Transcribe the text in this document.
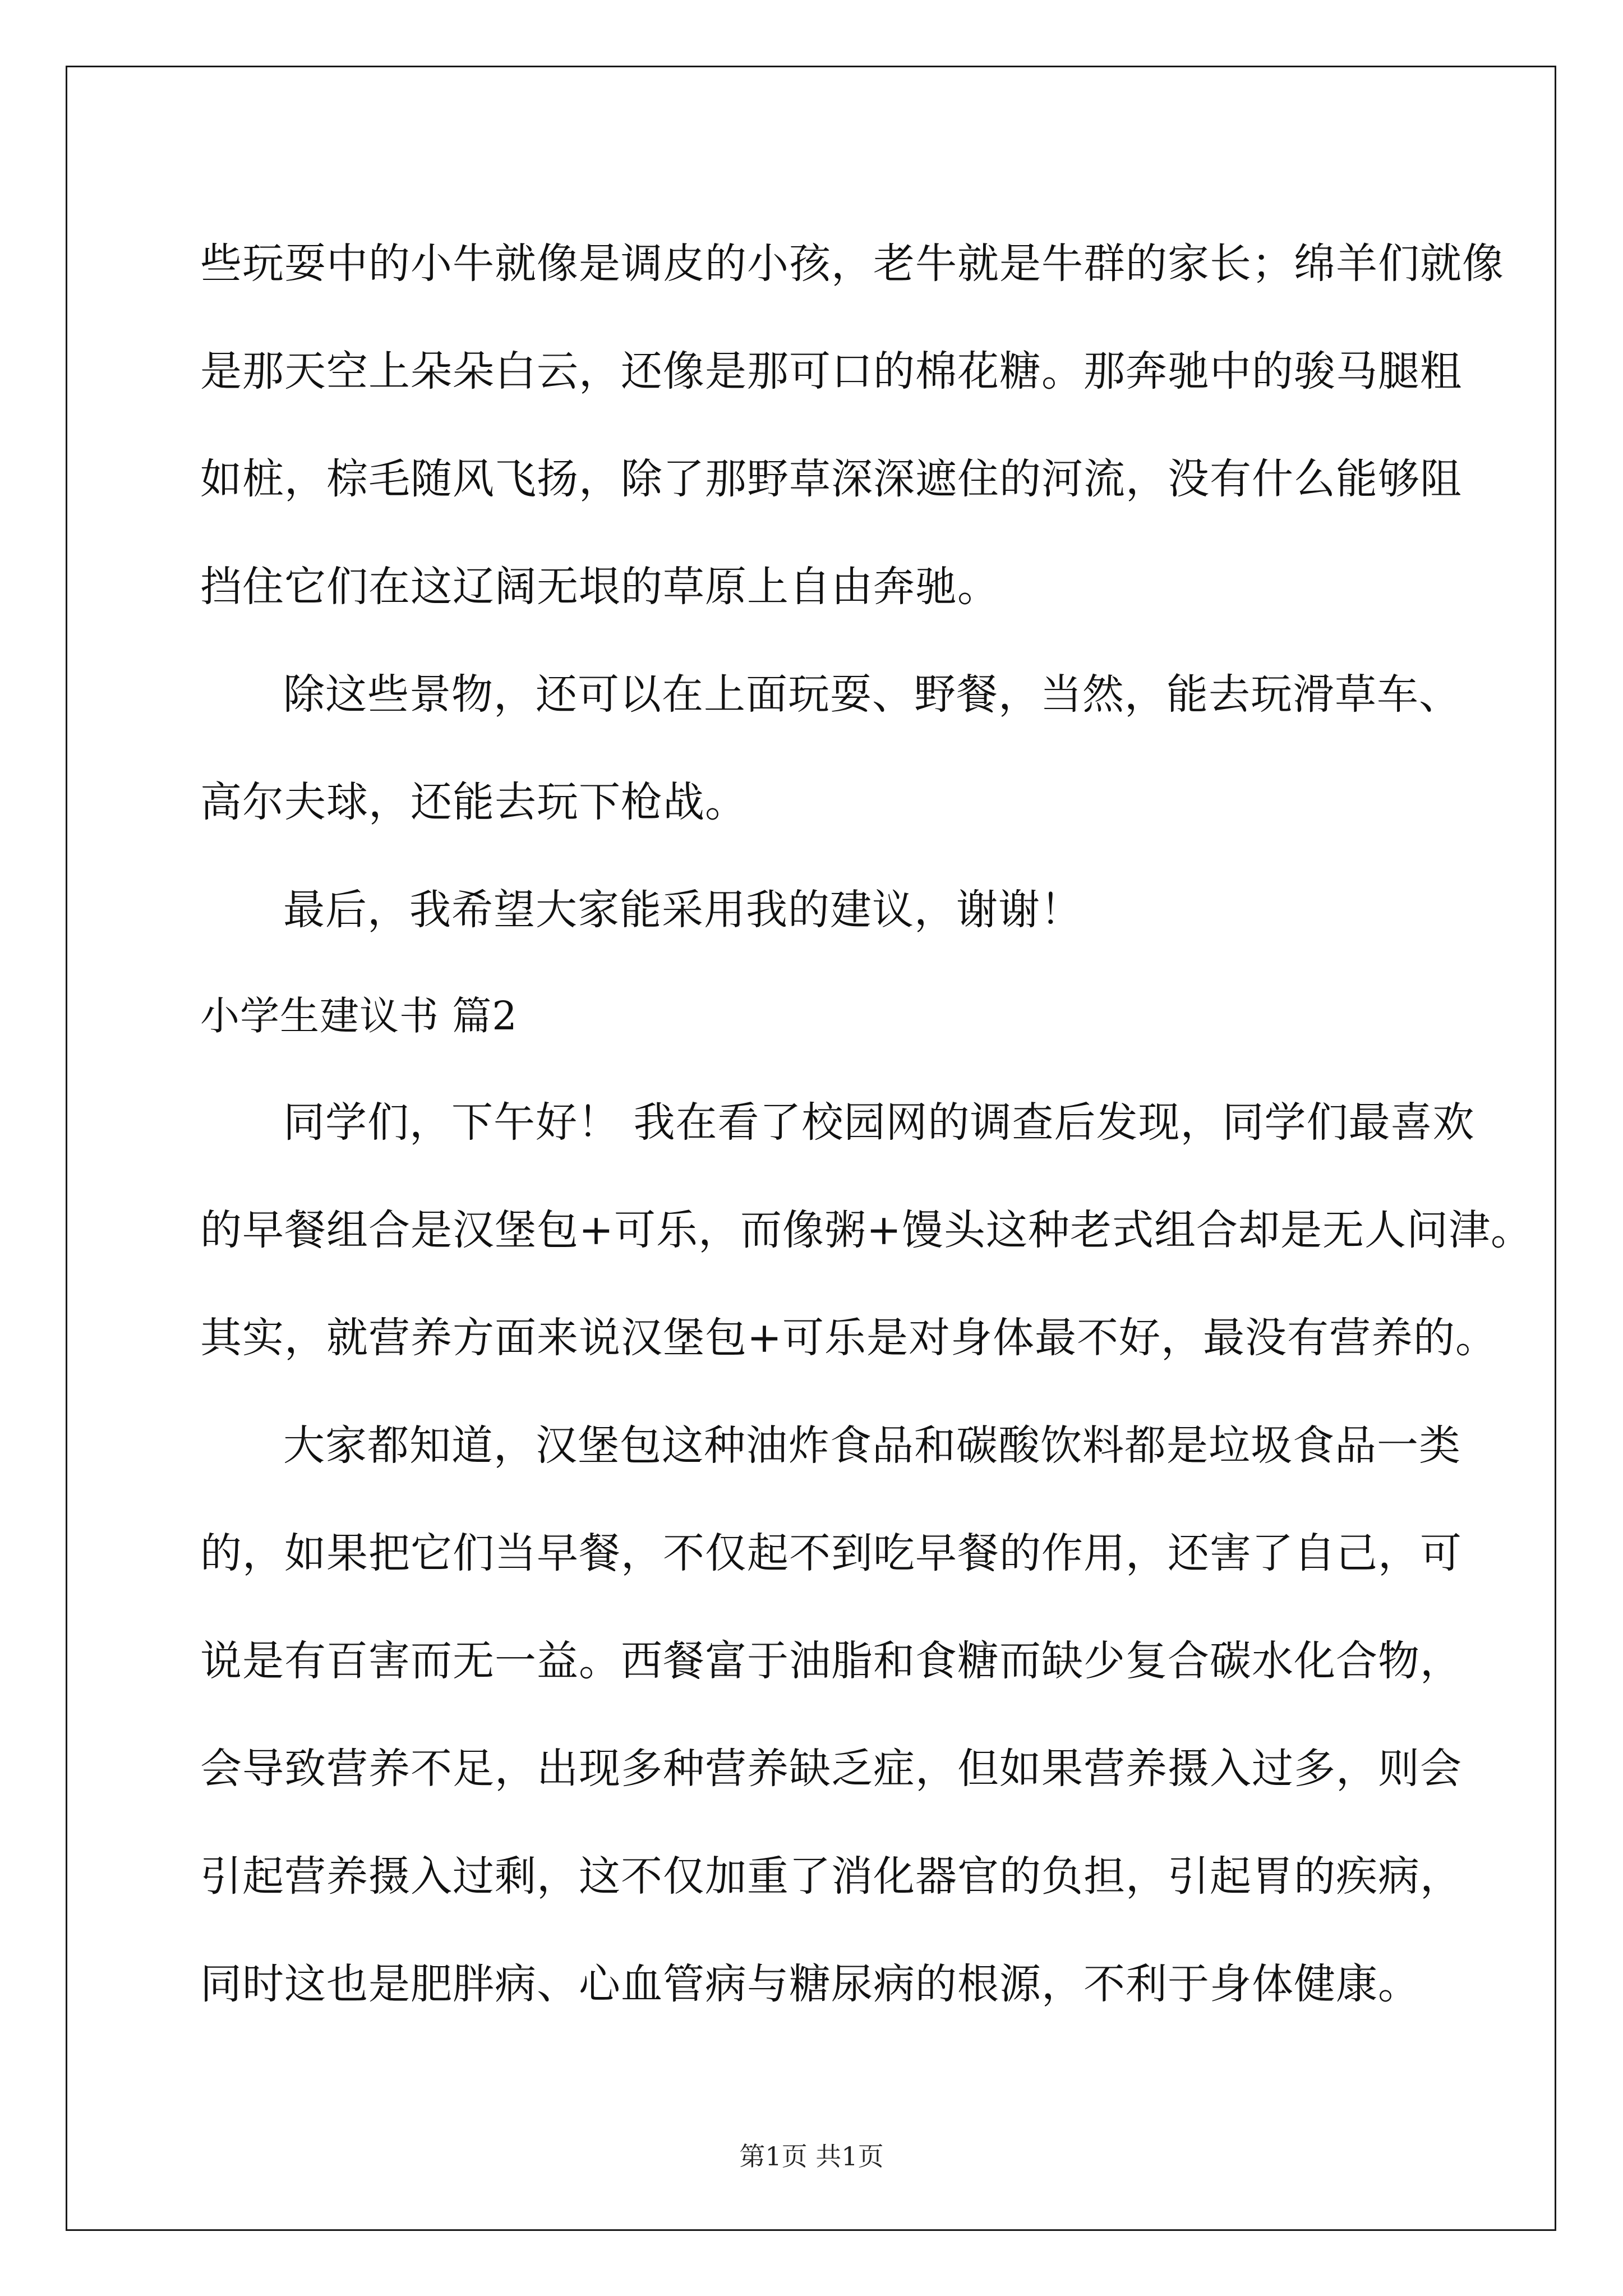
些玩耍中的小牛就像是调皮的小孩，老牛就是牛群的家长；绵羊们就像
是那天空上朵朵白云，还像是那可口的棉花糖。那奔驰中的骏马腿粗
如桩，棕毛随风飞扬，除了那野草深深遮住的河流，没有什么能够阻
挡住它们在这辽阔无垠的草原上自由奔驰。
除这些景物，还可以在上面玩耍、野餐，当然，能去玩滑草车、
高尔夫球，还能去玩下枪战。
最后，我希望大家能采用我的建议，谢谢！
小学生建议书 篇2
同学们，下午好！ 我在看了校园网的调查后发现，同学们最喜欢
的早餐组合是汉堡包+可乐，而像粥+馒头这种老式组合却是无人问津。
其实，就营养方面来说汉堡包+可乐是对身体最不好，最没有营养的。
大家都知道，汉堡包这种油炸食品和碳酸饮料都是垃圾食品一类
的，如果把它们当早餐，不仅起不到吃早餐的作用，还害了自己，可
说是有百害而无一益。西餐富于油脂和食糖而缺少复合碳水化合物，
会导致营养不足，出现多种营养缺乏症，但如果营养摄入过多，则会
引起营养摄入过剩，这不仅加重了消化器官的负担，引起胃的疾病，
同时这也是肥胖病、心血管病与糖尿病的根源，不利于身体健康。
第1页 共1页
